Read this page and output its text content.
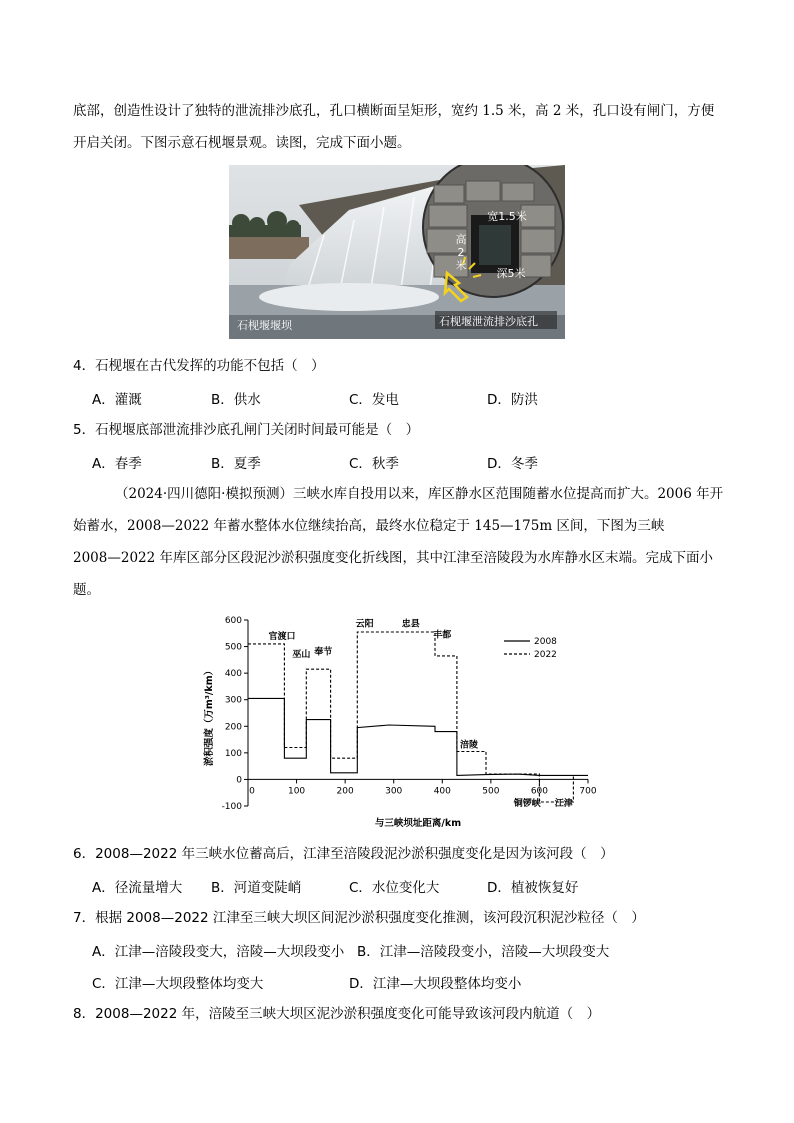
底部，创造性设计了独特的泄流排沙底孔，孔口横断面呈矩形，宽约 1.5 米，高 2 米，孔口设有闸门，方便
开启关闭。下图示意石枧堰景观。读图，完成下面小题。
宽1.5米
高
2
米
深5米
石枧堰堰坝	石枧堰泄流排沙底孔
4．石枧堰在古代发挥的功能不包括（　）
A．灌溉	B．供水	C．发电	D．防洪
5．石枧堰底部泄流排沙底孔闸门关闭时间最可能是（　）
A．春季	B．夏季	C．秋季	D．冬季
（2024·四川德阳·模拟预测）三峡水库自投用以来，库区静水区范围随蓄水位提高而扩大。2006 年开
始蓄水，2008—2022 年蓄水整体水位继续抬高，最终水位稳定于 145—175m 区间，下图为三峡
2008—2022 年库区部分区段泥沙淤积强度变化折线图，其中江津至涪陵段为水库静水区末端。完成下面小
题。
-100
0
100
200
300
400
500
600
0	100	200	300	400	500	600	700
官渡口
巫山 奉节
云阳	忠县
丰都
涪陵
铜锣峡 江津
淤积强度（万m³/km）
与三峡坝址距离/km
2008
2022
6．2008—2022 年三峡水位蓄高后，江津至涪陵段泥沙淤积强度变化是因为该河段（　）
A．径流量增大 B．河道变陡峭	C．水位变化大	D．植被恢复好
7．根据 2008—2022 江津至三峡大坝区间泥沙淤积强度变化推测，该河段沉积泥沙粒径（　）
A．江津—涪陵段变大，涪陵—大坝段变小 B．江津—涪陵段变小，涪陵—大坝段变大
C．江津—大坝段整体均变大	D．江津—大坝段整体均变小
8．2008—2022 年，涪陵至三峡大坝区泥沙淤积强度变化可能导致该河段内航道（　）
